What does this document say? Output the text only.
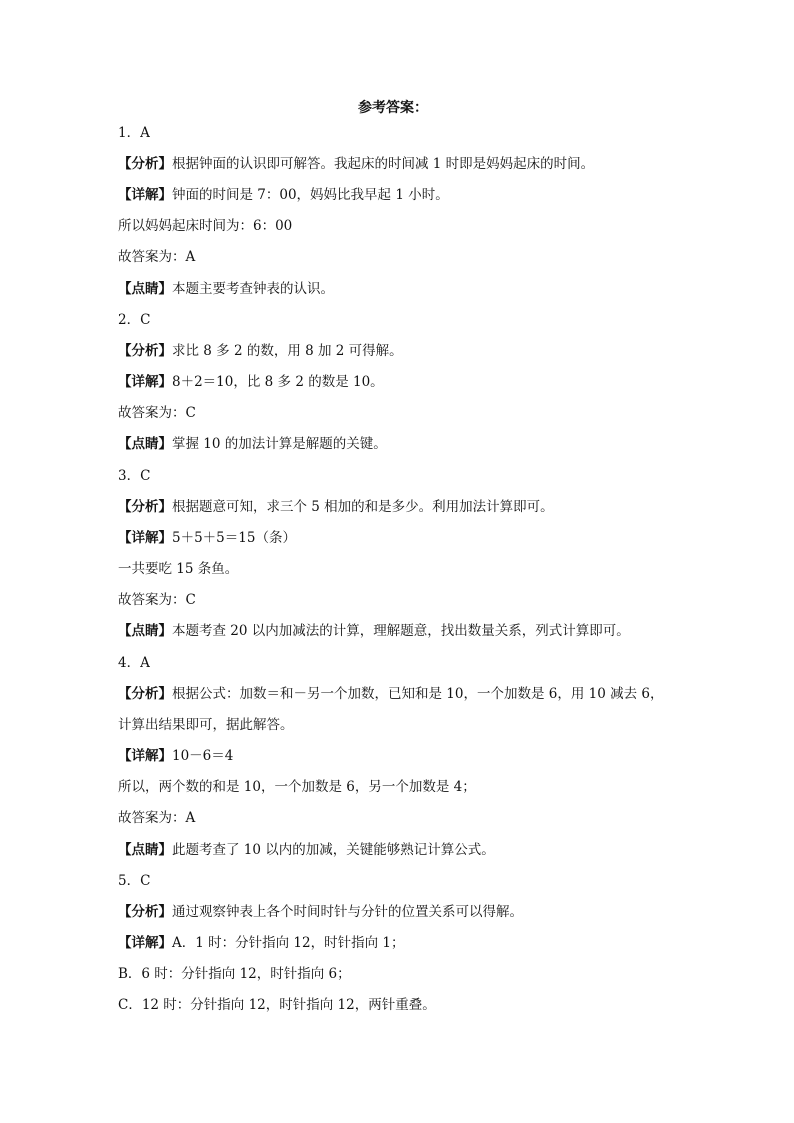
参考答案：
1．A
【分析】根据钟面的认识即可解答。我起床的时间减 1 时即是妈妈起床的时间。
【详解】钟面的时间是 7：00，妈妈比我早起 1 小时。
所以妈妈起床时间为：6：00
故答案为：A
【点睛】本题主要考查钟表的认识。
2．C
【分析】求比 8 多 2 的数，用 8 加 2 可得解。
【详解】8＋2＝10，比 8 多 2 的数是 10。
故答案为：C
【点睛】掌握 10 的加法计算是解题的关键。
3．C
【分析】根据题意可知，求三个 5 相加的和是多少。利用加法计算即可。
【详解】5＋5＋5＝15（条）
一共要吃 15 条鱼。
故答案为：C
【点睛】本题考查 20 以内加减法的计算，理解题意，找出数量关系，列式计算即可。
4．A
【分析】根据公式：加数＝和－另一个加数，已知和是 10，一个加数是 6，用 10 减去 6，
计算出结果即可，据此解答。
【详解】10－6＝4
所以，两个数的和是 10，一个加数是 6，另一个加数是 4；
故答案为：A
【点睛】此题考查了 10 以内的加减，关键能够熟记计算公式。
5．C
【分析】通过观察钟表上各个时间时针与分针的位置关系可以得解。
【详解】A．1 时：分针指向 12，时针指向 1；
B．6 时：分针指向 12，时针指向 6；
C．12 时：分针指向 12，时针指向 12，两针重叠。
